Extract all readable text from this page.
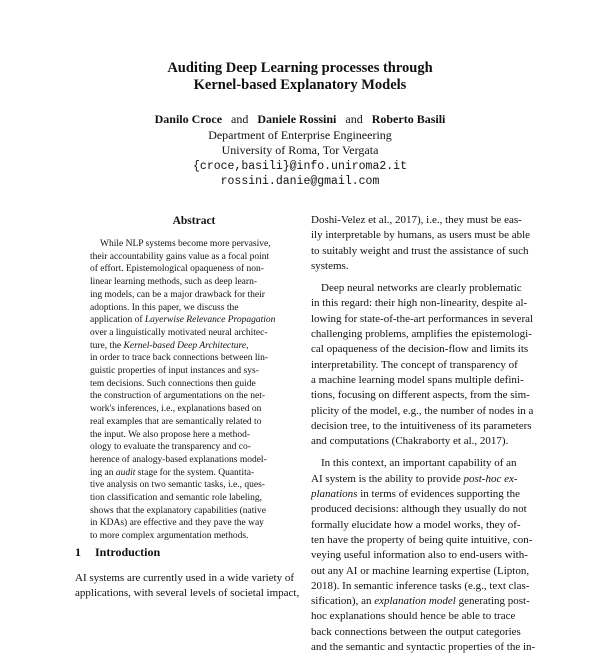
Auditing Deep Learning processes through
Kernel-based Explanatory Models
Danilo Croce and Daniele Rossini and Roberto Basili
Department of Enterprise Engineering
University of Roma, Tor Vergata
{croce,basili}@info.uniroma2.it
rossini.danie@gmail.com
Abstract
While NLP systems become more pervasive,
their accountability gains value as a focal point
of effort. Epistemological opaqueness of non-
linear learning methods, such as deep learn-
ing models, can be a major drawback for their
adoptions. In this paper, we discuss the
application of Layerwise Relevance Propagation
over a linguistically motivated neural architec-
ture, the Kernel-based Deep Architecture,
in order to trace back connections between lin-
guistic properties of input instances and sys-
tem decisions. Such connections then guide
the construction of argumentations on the net-
work's inferences, i.e., explanations based on
real examples that are semantically related to
the input. We also propose here a method-
ology to evaluate the transparency and co-
herence of analogy-based explanations model-
ing an audit stage for the system. Quantita-
tive analysis on two semantic tasks, i.e., ques-
tion classification and semantic role labeling,
shows that the explanatory capabilities (native
in KDAs) are effective and they pave the way
to more complex argumentation methods.
1 Introduction
AI systems are currently used in a wide variety of
applications, with several levels of societal impact,
Doshi-Velez et al., 2017), i.e., they must be eas-
ily interpretable by humans, as users must be able
to suitably weight and trust the assistance of such
systems.
Deep neural networks are clearly problematic
in this regard: their high non-linearity, despite al-
lowing for state-of-the-art performances in several
challenging problems, amplifies the epistemologi-
cal opaqueness of the decision-flow and limits its
interpretability. The concept of transparency of
a machine learning model spans multiple defini-
tions, focusing on different aspects, from the sim-
plicity of the model, e.g., the number of nodes in a
decision tree, to the intuitiveness of its parameters
and computations (Chakraborty et al., 2017).
In this context, an important capability of an
AI system is the ability to provide post-hoc ex-
planations in terms of evidences supporting the
produced decisions: although they usually do not
formally elucidate how a model works, they of-
ten have the property of being quite intuitive, con-
veying useful information also to end-users with-
out any AI or machine learning expertise (Lipton,
2018). In semantic inference tasks (e.g., text clas-
sification), an explanation model generating post-
hoc explanations should hence be able to trace
back connections between the output categories
and the semantic and syntactic properties of the in-
